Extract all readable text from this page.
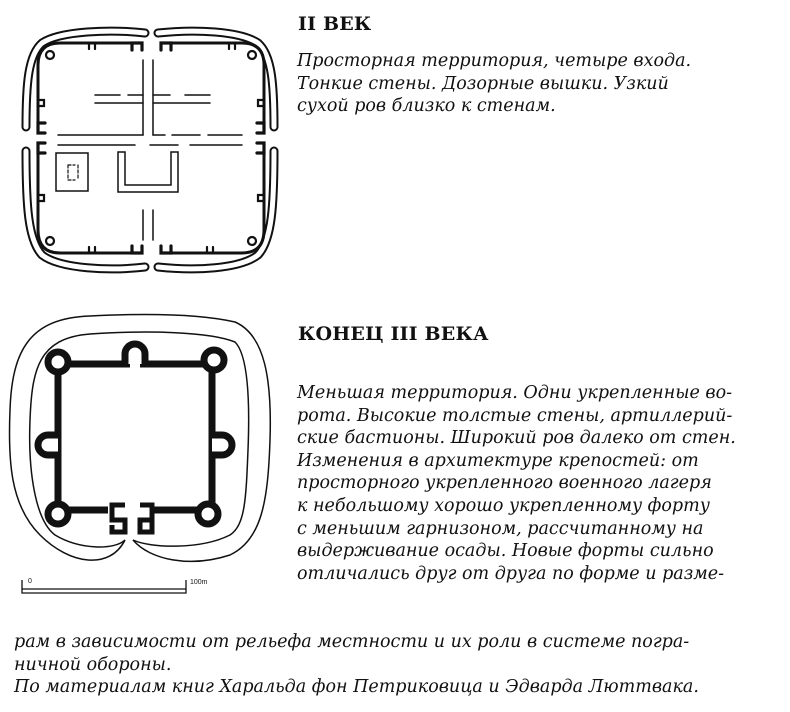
II ВЕК
Просторная территория, четыре входа.
Тонкие стены. Дозорные вышки. Узкий
сухой ров близко к стенам.
0	100m
КОНЕЦ III ВЕКА
Меньшая территория. Одни укрепленные во-
рота. Высокие толстые стены, артиллерий-
ские бастионы. Широкий ров далеко от стен.
Изменения в архитектуре крепостей: от
просторного укрепленного военного лагеря
к небольшому хорошо укрепленному форту
с меньшим гарнизоном, рассчитанному на
выдерживание осады. Новые форты сильно
отличались друг от друга по форме и разме-
рам в зависимости от рельефа местности и их роли в системе погра-
ничной обороны.
По материалам книг Харальда фон Петриковица и Эдварда Люттвака.
